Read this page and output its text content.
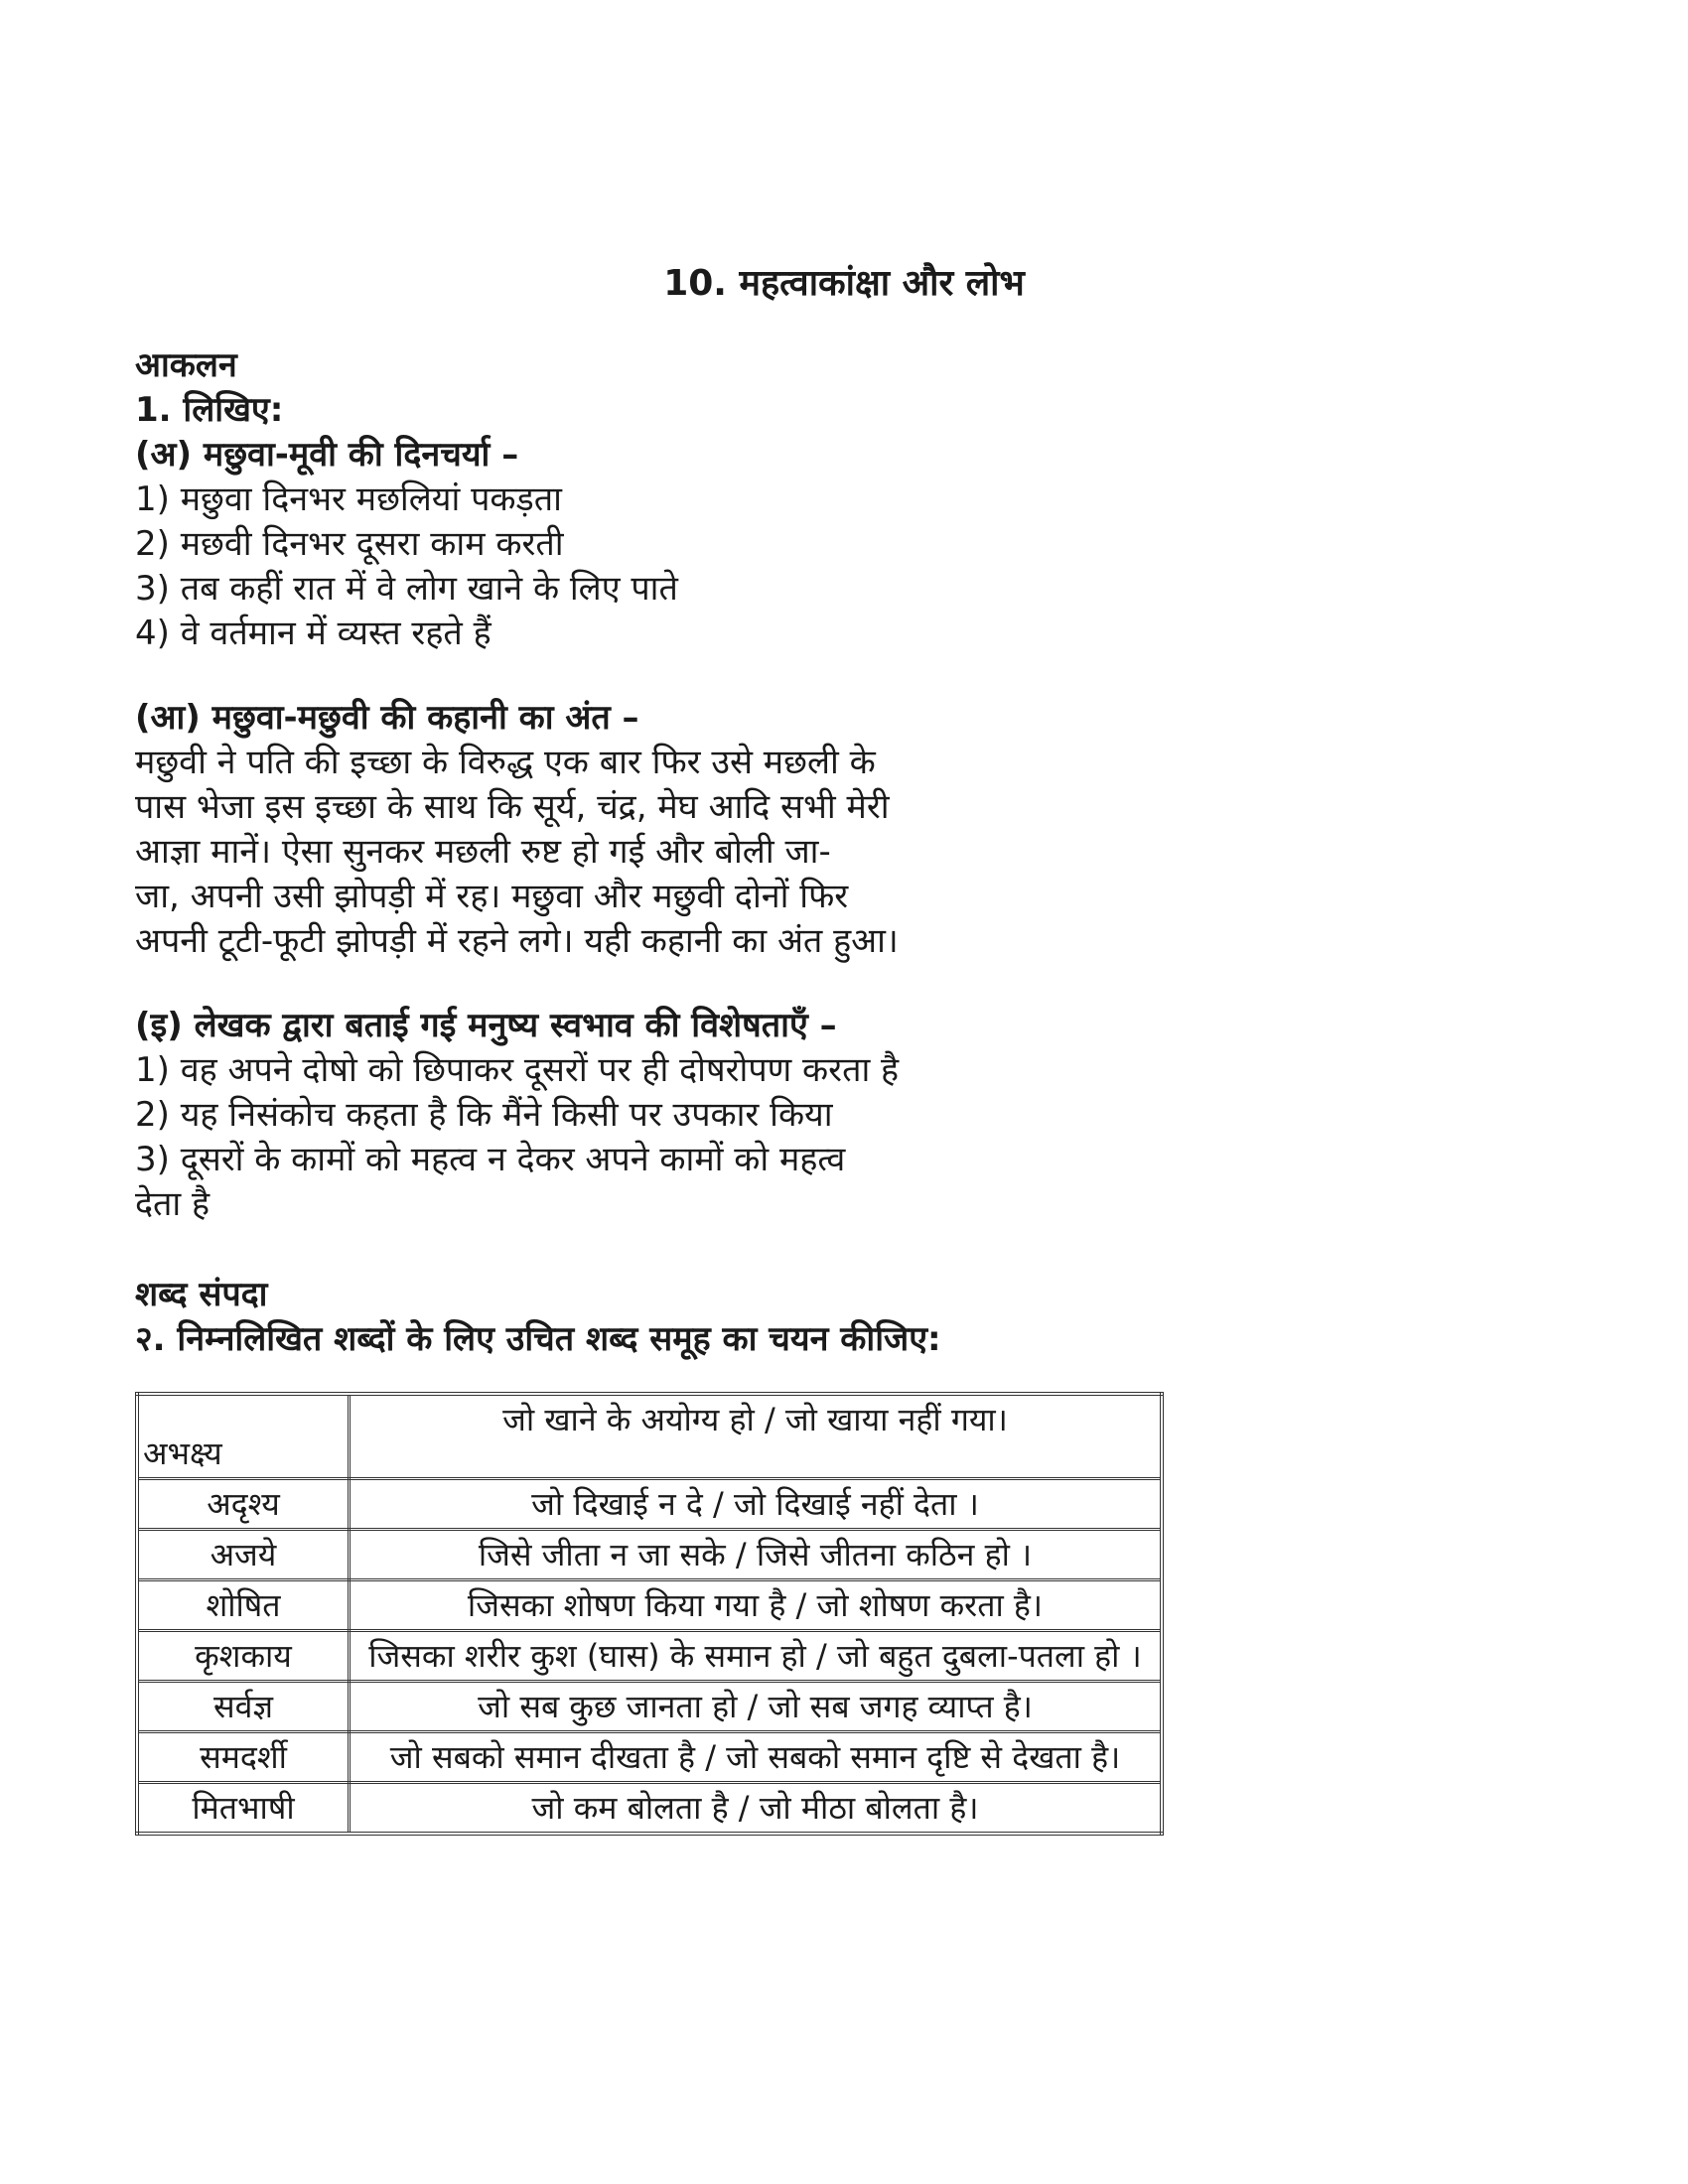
10. महत्वाकांक्षा और लोभ

आकलन

1. लिखिए:

(अ) मछुवा-मूवी की दिनचर्या –

1) मछुवा दिनभर मछलियां पकड़ता

2) मछवी दिनभर दूसरा काम करती

3) तब कहीं रात में वे लोग खाने के लिए पाते

4) वे वर्तमान में व्यस्त रहते हैं

(आ) मछुवा-मछुवी की कहानी का अंत –

मछुवी ने पति की इच्छा के विरुद्ध एक बार फिर उसे मछली के

पास भेजा इस इच्छा के साथ कि सूर्य, चंद्र, मेघ आदि सभी मेरी

आज्ञा मानें। ऐसा सुनकर मछली रुष्ट हो गई और बोली जा-

जा, अपनी उसी झोपड़ी में रह। मछुवा और मछुवी दोनों फिर

अपनी टूटी-फूटी झोपड़ी में रहने लगे। यही कहानी का अंत हुआ।

(इ) लेखक द्वारा बताई गई मनुष्य स्वभाव की विशेषताएँ –

1) वह अपने दोषो को छिपाकर दूसरों पर ही दोषरोपण करता है

2) यह निसंकोच कहता है कि मैंने किसी पर उपकार किया

3) दूसरों के कामों को महत्व न देकर अपने कामों को महत्व

देता है

शब्द संपदा

२. निम्नलिखित शब्दों के लिए उचित शब्द समूह का चयन कीजिए:

अभक्ष्य	जो खाने के अयोग्य हो / जो खाया नहीं गया।
अदृश्य	जो दिखाई न दे / जो दिखाई नहीं देता ।
अजये	जिसे जीता न जा सके / जिसे जीतना कठिन हो ।
शोषित	जिसका शोषण किया गया है / जो शोषण करता है।
कृशकाय	जिसका शरीर कुश (घास) के समान हो / जो बहुत दुबला-पतला हो ।
सर्वज्ञ	जो सब कुछ जानता हो / जो सब जगह व्याप्त है।
समदर्शी	जो सबको समान दीखता है / जो सबको समान दृष्टि से देखता है।
मितभाषी	जो कम बोलता है / जो मीठा बोलता है।
